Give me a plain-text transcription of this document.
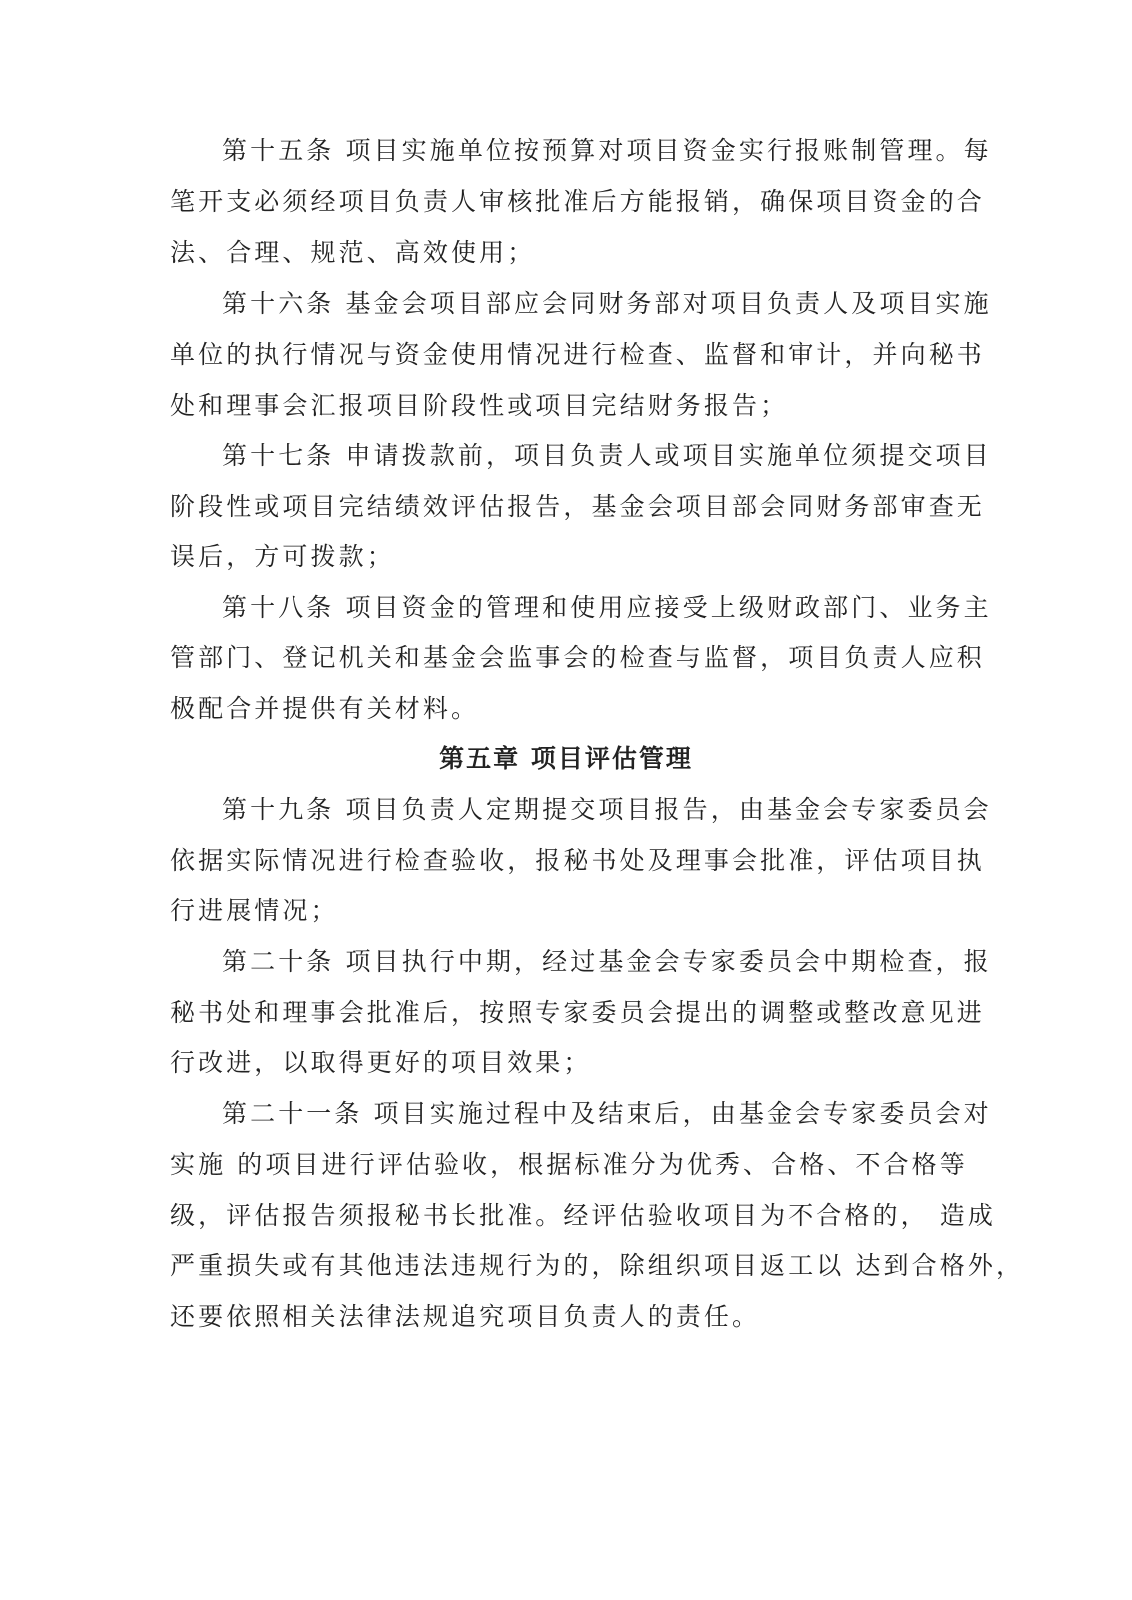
第十五条 项目实施单位按预算对项目资金实行报账制管理。每
笔开支必须经项目负责人审核批准后方能报销，确保项目资金的合
法、合理、规范、高效使用；
第十六条 基金会项目部应会同财务部对项目负责人及项目实施
单位的执行情况与资金使用情况进行检查、监督和审计，并向秘书
处和理事会汇报项目阶段性或项目完结财务报告；
第十七条 申请拨款前，项目负责人或项目实施单位须提交项目
阶段性或项目完结绩效评估报告，基金会项目部会同财务部审查无
误后，方可拨款；
第十八条 项目资金的管理和使用应接受上级财政部门、业务主
管部门、登记机关和基金会监事会的检查与监督，项目负责人应积
极配合并提供有关材料。
第五章 项目评估管理
第十九条 项目负责人定期提交项目报告，由基金会专家委员会
依据实际情况进行检查验收，报秘书处及理事会批准，评估项目执
行进展情况；
第二十条 项目执行中期，经过基金会专家委员会中期检查，报
秘书处和理事会批准后，按照专家委员会提出的调整或整改意见进
行改进，以取得更好的项目效果；
第二十一条 项目实施过程中及结束后，由基金会专家委员会对
实施 的项目进行评估验收，根据标准分为优秀、合格、不合格等
级，评估报告须报秘书长批准。经评估验收项目为不合格的， 造成
严重损失或有其他违法违规行为的，除组织项目返工以 达到合格外，
还要依照相关法律法规追究项目负责人的责任。
